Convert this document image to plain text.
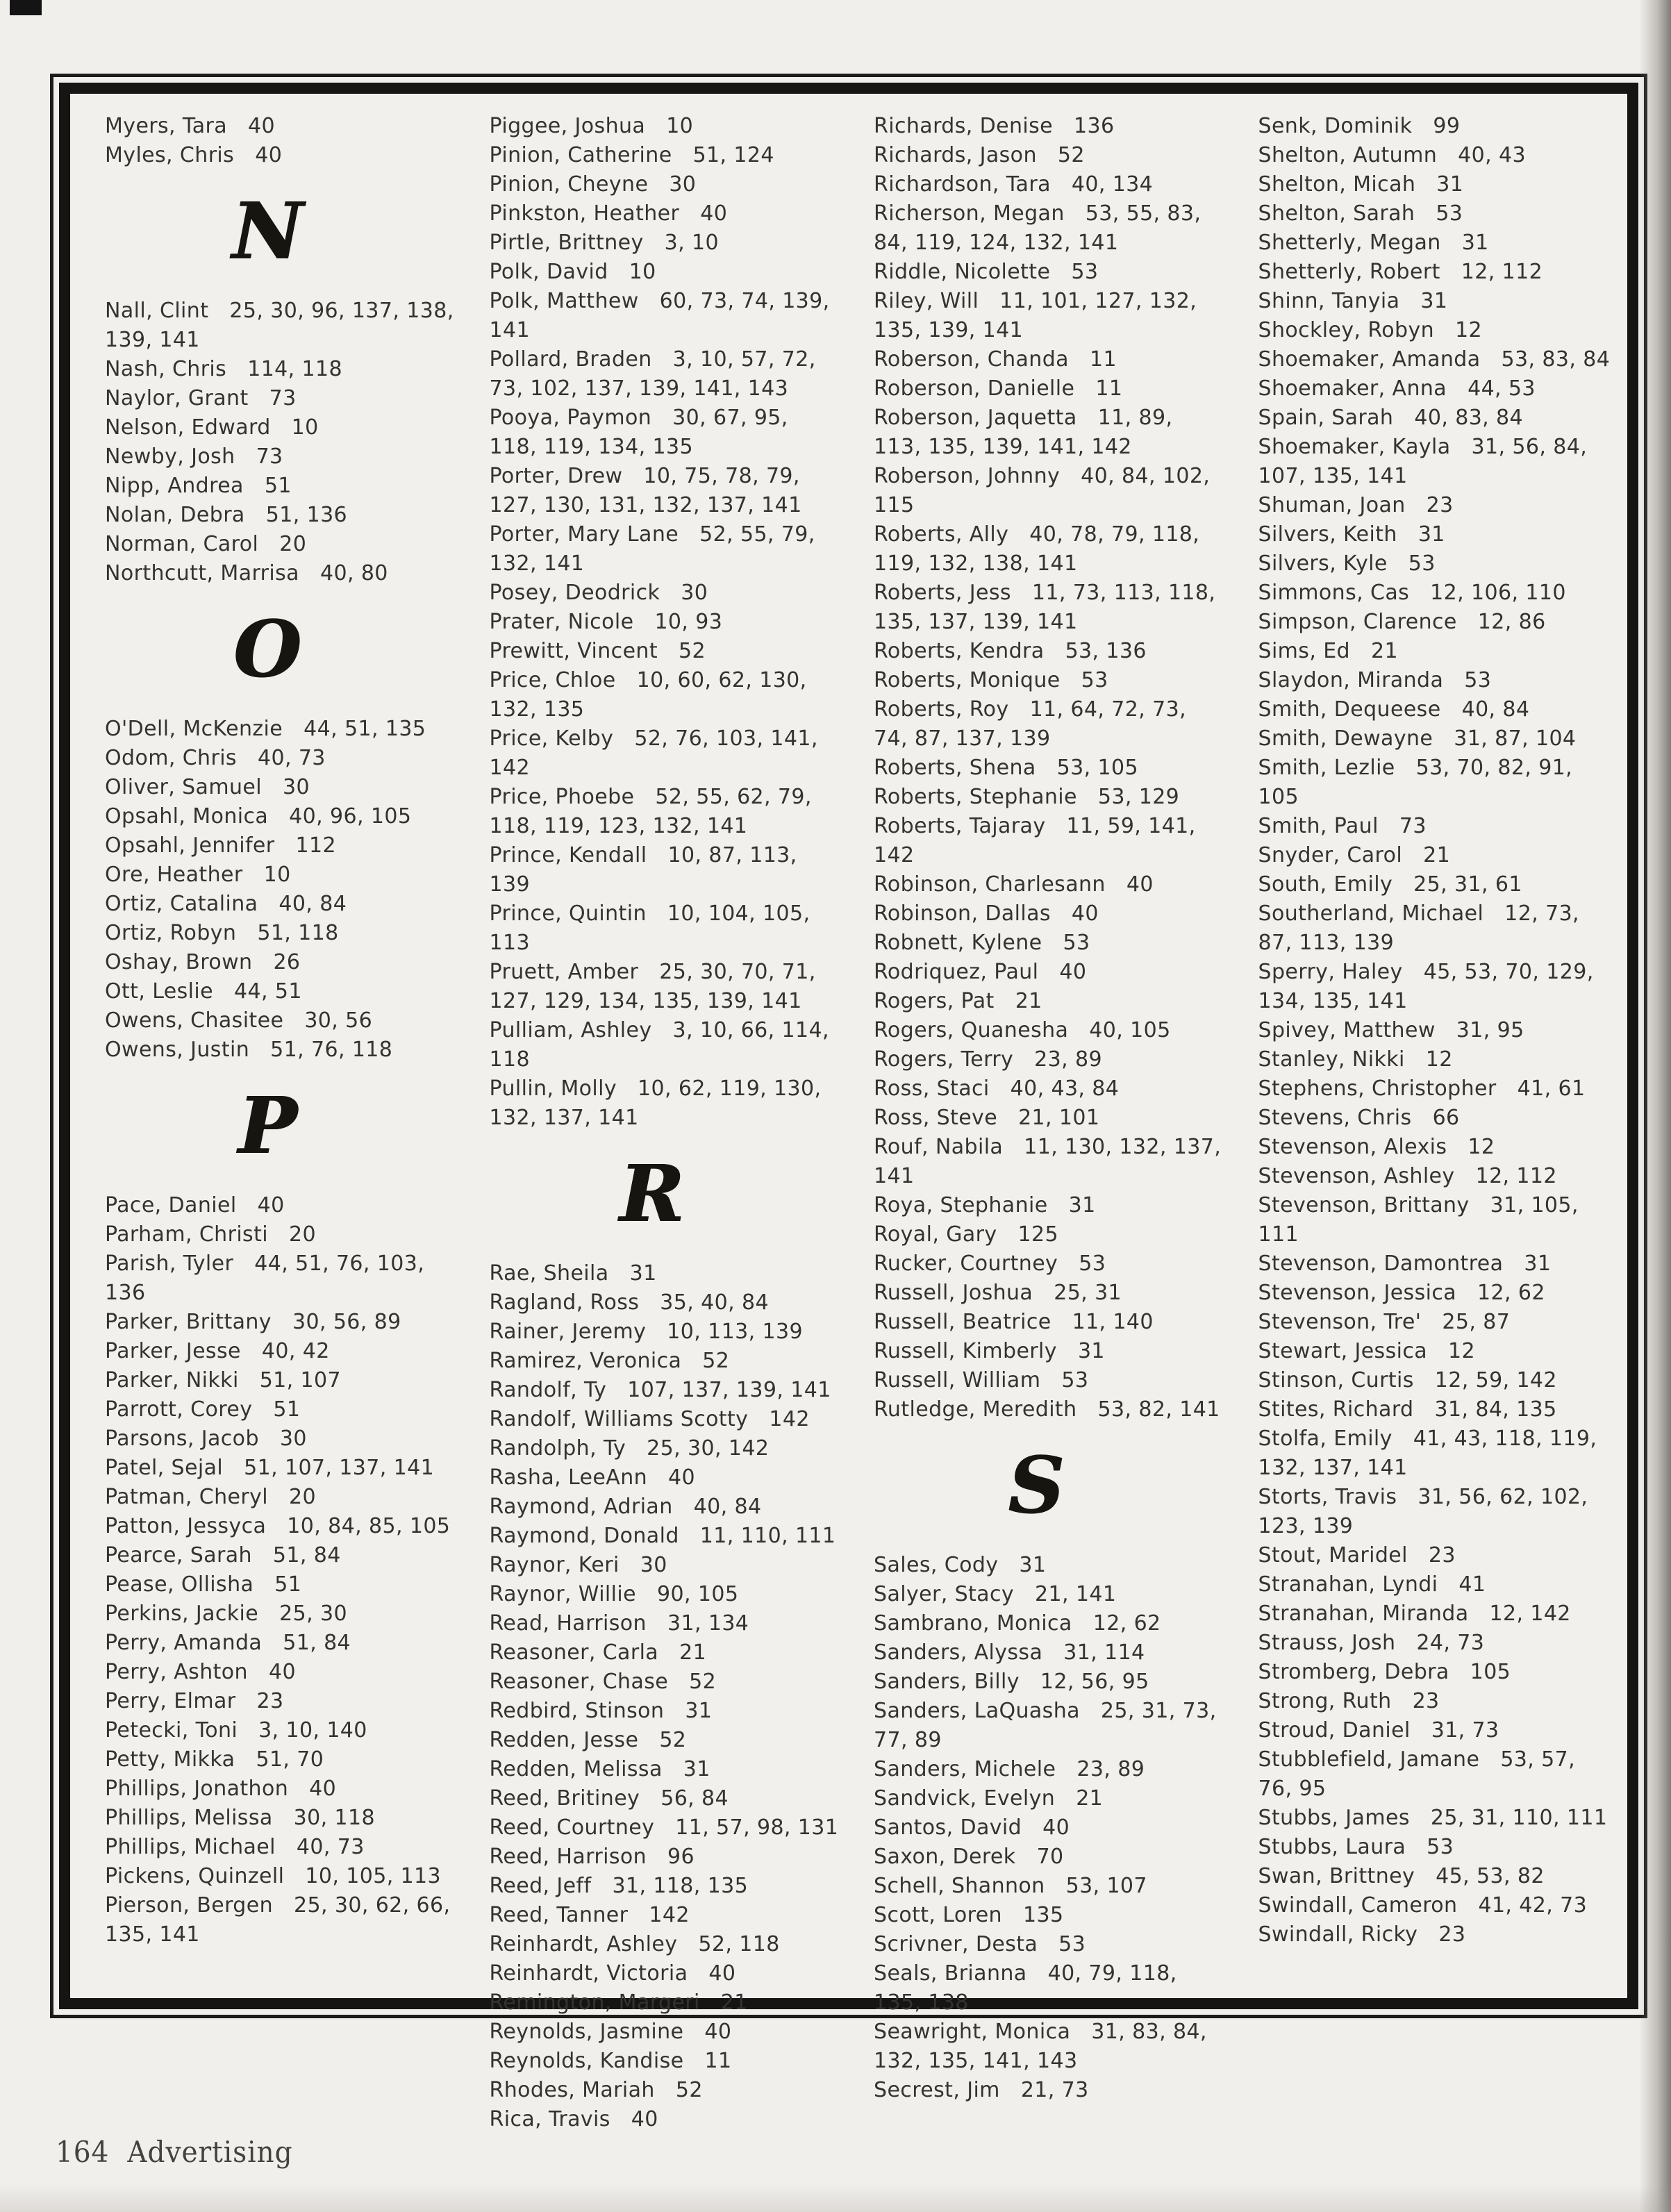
Myers, Tara 40
Myles, Chris 40
N
Nall, Clint 25, 30, 96, 137, 138, 139, 141
Nash, Chris 114, 118
Naylor, Grant 73
Nelson, Edward 10
Newby, Josh 73
Nipp, Andrea 51
Nolan, Debra 51, 136
Norman, Carol 20
Northcutt, Marrisa 40, 80
O
O'Dell, McKenzie 44, 51, 135
Odom, Chris 40, 73
Oliver, Samuel 30
Opsahl, Monica 40, 96, 105
Opsahl, Jennifer 112
Ore, Heather 10
Ortiz, Catalina 40, 84
Ortiz, Robyn 51, 118
Oshay, Brown 26
Ott, Leslie 44, 51
Owens, Chasitee 30, 56
Owens, Justin 51, 76, 118
P
Pace, Daniel 40
Parham, Christi 20
Parish, Tyler 44, 51, 76, 103, 136
Parker, Brittany 30, 56, 89
Parker, Jesse 40, 42
Parker, Nikki 51, 107
Parrott, Corey 51
Parsons, Jacob 30
Patel, Sejal 51, 107, 137, 141
Patman, Cheryl 20
Patton, Jessyca 10, 84, 85, 105
Pearce, Sarah 51, 84
Pease, Ollisha 51
Perkins, Jackie 25, 30
Perry, Amanda 51, 84
Perry, Ashton 40
Perry, Elmar 23
Petecki, Toni 3, 10, 140
Petty, Mikka 51, 70
Phillips, Jonathon 40
Phillips, Melissa 30, 118
Phillips, Michael 40, 73
Pickens, Quinzell 10, 105, 113
Pierson, Bergen 25, 30, 62, 66, 135, 141
Piggee, Joshua 10
Pinion, Catherine 51, 124
Pinion, Cheyne 30
Pinkston, Heather 40
Pirtle, Brittney 3, 10
Polk, David 10
Polk, Matthew 60, 73, 74, 139, 141
Pollard, Braden 3, 10, 57, 72, 73, 102, 137, 139, 141, 143
Pooya, Paymon 30, 67, 95, 118, 119, 134, 135
Porter, Drew 10, 75, 78, 79, 127, 130, 131, 132, 137, 141
Porter, Mary Lane 52, 55, 79, 132, 141
Posey, Deodrick 30
Prater, Nicole 10, 93
Prewitt, Vincent 52
Price, Chloe 10, 60, 62, 130, 132, 135
Price, Kelby 52, 76, 103, 141, 142
Price, Phoebe 52, 55, 62, 79, 118, 119, 123, 132, 141
Prince, Kendall 10, 87, 113, 139
Prince, Quintin 10, 104, 105, 113
Pruett, Amber 25, 30, 70, 71, 127, 129, 134, 135, 139, 141
Pulliam, Ashley 3, 10, 66, 114, 118
Pullin, Molly 10, 62, 119, 130, 132, 137, 141
R
Rae, Sheila 31
Ragland, Ross 35, 40, 84
Rainer, Jeremy 10, 113, 139
Ramirez, Veronica 52
Randolf, Ty 107, 137, 139, 141
Randolf, Williams Scotty 142
Randolph, Ty 25, 30, 142
Rasha, LeeAnn 40
Raymond, Adrian 40, 84
Raymond, Donald 11, 110, 111
Raynor, Keri 30
Raynor, Willie 90, 105
Read, Harrison 31, 134
Reasoner, Carla 21
Reasoner, Chase 52
Redbird, Stinson 31
Redden, Jesse 52
Redden, Melissa 31
Reed, Britiney 56, 84
Reed, Courtney 11, 57, 98, 131
Reed, Harrison 96
Reed, Jeff 31, 118, 135
Reed, Tanner 142
Reinhardt, Ashley 52, 118
Reinhardt, Victoria 40
Remington, Margeri 21
Reynolds, Jasmine 40
Reynolds, Kandise 11
Rhodes, Mariah 52
Rica, Travis 40
Richards, Denise 136
Richards, Jason 52
Richardson, Tara 40, 134
Richerson, Megan 53, 55, 83, 84, 119, 124, 132, 141
Riddle, Nicolette 53
Riley, Will 11, 101, 127, 132, 135, 139, 141
Roberson, Chanda 11
Roberson, Danielle 11
Roberson, Jaquetta 11, 89, 113, 135, 139, 141, 142
Roberson, Johnny 40, 84, 102, 115
Roberts, Ally 40, 78, 79, 118, 119, 132, 138, 141
Roberts, Jess 11, 73, 113, 118, 135, 137, 139, 141
Roberts, Kendra 53, 136
Roberts, Monique 53
Roberts, Roy 11, 64, 72, 73, 74, 87, 137, 139
Roberts, Shena 53, 105
Roberts, Stephanie 53, 129
Roberts, Tajaray 11, 59, 141, 142
Robinson, Charlesann 40
Robinson, Dallas 40
Robnett, Kylene 53
Rodriquez, Paul 40
Rogers, Pat 21
Rogers, Quanesha 40, 105
Rogers, Terry 23, 89
Ross, Staci 40, 43, 84
Ross, Steve 21, 101
Rouf, Nabila 11, 130, 132, 137, 141
Roya, Stephanie 31
Royal, Gary 125
Rucker, Courtney 53
Russell, Joshua 25, 31
Russell, Beatrice 11, 140
Russell, Kimberly 31
Russell, William 53
Rutledge, Meredith 53, 82, 141
S
Sales, Cody 31
Salyer, Stacy 21, 141
Sambrano, Monica 12, 62
Sanders, Alyssa 31, 114
Sanders, Billy 12, 56, 95
Sanders, LaQuasha 25, 31, 73, 77, 89
Sanders, Michele 23, 89
Sandvick, Evelyn 21
Santos, David 40
Saxon, Derek 70
Schell, Shannon 53, 107
Scott, Loren 135
Scrivner, Desta 53
Seals, Brianna 40, 79, 118, 135, 138
Seawright, Monica 31, 83, 84, 132, 135, 141, 143
Secrest, Jim 21, 73
Senk, Dominik 99
Shelton, Autumn 40, 43
Shelton, Micah 31
Shelton, Sarah 53
Shetterly, Megan 31
Shetterly, Robert 12, 112
Shinn, Tanyia 31
Shockley, Robyn 12
Shoemaker, Amanda 53, 83, 84
Shoemaker, Anna 44, 53
Spain, Sarah 40, 83, 84
Shoemaker, Kayla 31, 56, 84, 107, 135, 141
Shuman, Joan 23
Silvers, Keith 31
Silvers, Kyle 53
Simmons, Cas 12, 106, 110
Simpson, Clarence 12, 86
Sims, Ed 21
Slaydon, Miranda 53
Smith, Dequeese 40, 84
Smith, Dewayne 31, 87, 104
Smith, Lezlie 53, 70, 82, 91, 105
Smith, Paul 73
Snyder, Carol 21
South, Emily 25, 31, 61
Southerland, Michael 12, 73, 87, 113, 139
Sperry, Haley 45, 53, 70, 129, 134, 135, 141
Spivey, Matthew 31, 95
Stanley, Nikki 12
Stephens, Christopher 41, 61
Stevens, Chris 66
Stevenson, Alexis 12
Stevenson, Ashley 12, 112
Stevenson, Brittany 31, 105, 111
Stevenson, Damontrea 31
Stevenson, Jessica 12, 62
Stevenson, Tre' 25, 87
Stewart, Jessica 12
Stinson, Curtis 12, 59, 142
Stites, Richard 31, 84, 135
Stolfa, Emily 41, 43, 118, 119, 132, 137, 141
Storts, Travis 31, 56, 62, 102, 123, 139
Stout, Maridel 23
Stranahan, Lyndi 41
Stranahan, Miranda 12, 142
Strauss, Josh 24, 73
Stromberg, Debra 105
Strong, Ruth 23
Stroud, Daniel 31, 73
Stubblefield, Jamane 53, 57, 76, 95
Stubbs, James 25, 31, 110, 111
Stubbs, Laura 53
Swan, Brittney 45, 53, 82
Swindall, Cameron 41, 42, 73
Swindall, Ricky 23
164 Advertising
